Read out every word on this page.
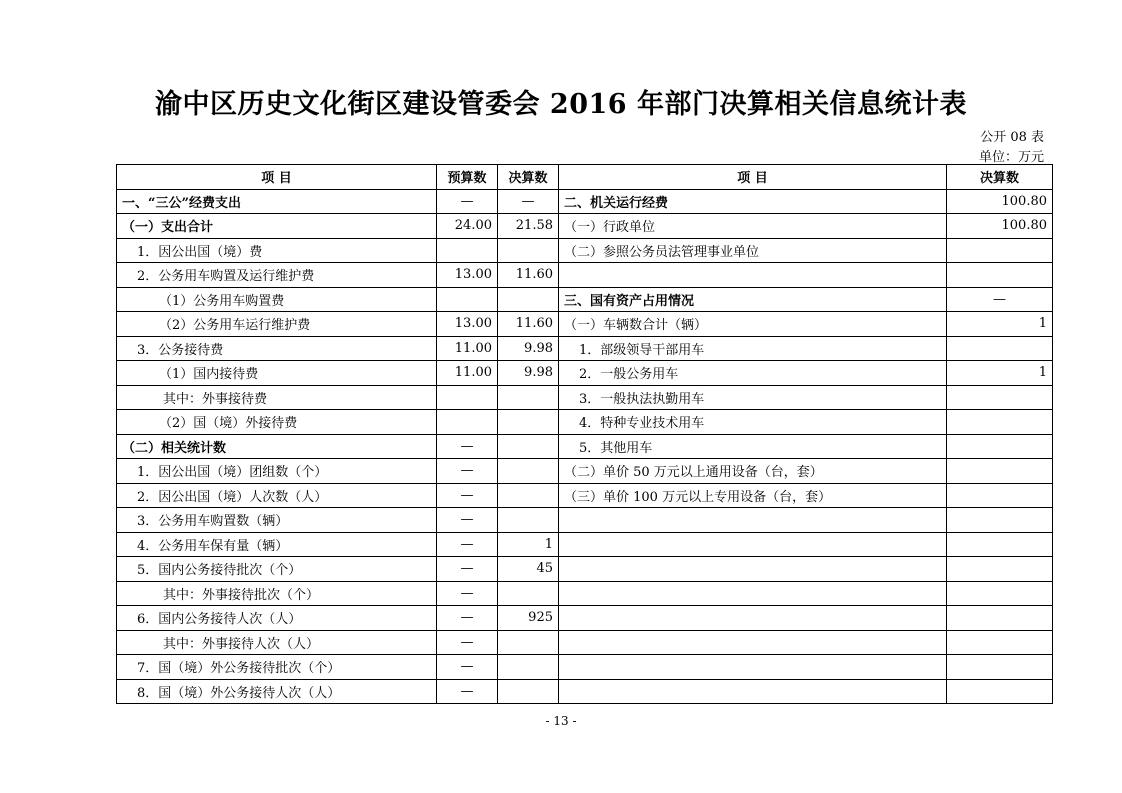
渝中区历史文化街区建设管委会 2016 年部门决算相关信息统计表
公开 08 表
单位：万元
项 目	预算数	决算数	项 目	决算数
一、“三公”经费支出	—	—	二、机关运行经费	100.80
（一）支出合计	24.00	21.58	（一）行政单位	100.80
1．因公出国（境）费			（二）参照公务员法管理事业单位	
2．公务用车购置及运行维护费	13.00	11.60		
（1）公务用车购置费			三、国有资产占用情况	—
（2）公务用车运行维护费	13.00	11.60	（一）车辆数合计（辆）	1
3．公务接待费	11.00	9.98	1．部级领导干部用车	
（1）国内接待费	11.00	9.98	2．一般公务用车	1
其中：外事接待费			3．一般执法执勤用车	
（2）国（境）外接待费			4．特种专业技术用车	
（二）相关统计数	—		5．其他用车	
1．因公出国（境）团组数（个）	—		（二）单价 50 万元以上通用设备（台，套）	
2．因公出国（境）人次数（人）	—		（三）单价 100 万元以上专用设备（台，套）	
3．公务用车购置数（辆）	—			
4．公务用车保有量（辆）	—	1		
5．国内公务接待批次（个）	—	45		
其中：外事接待批次（个）	—			
6．国内公务接待人次（人）	—	925		
其中：外事接待人次（人）	—			
7．国（境）外公务接待批次（个）	—			
8．国（境）外公务接待人次（人）	—			
- 13 -
